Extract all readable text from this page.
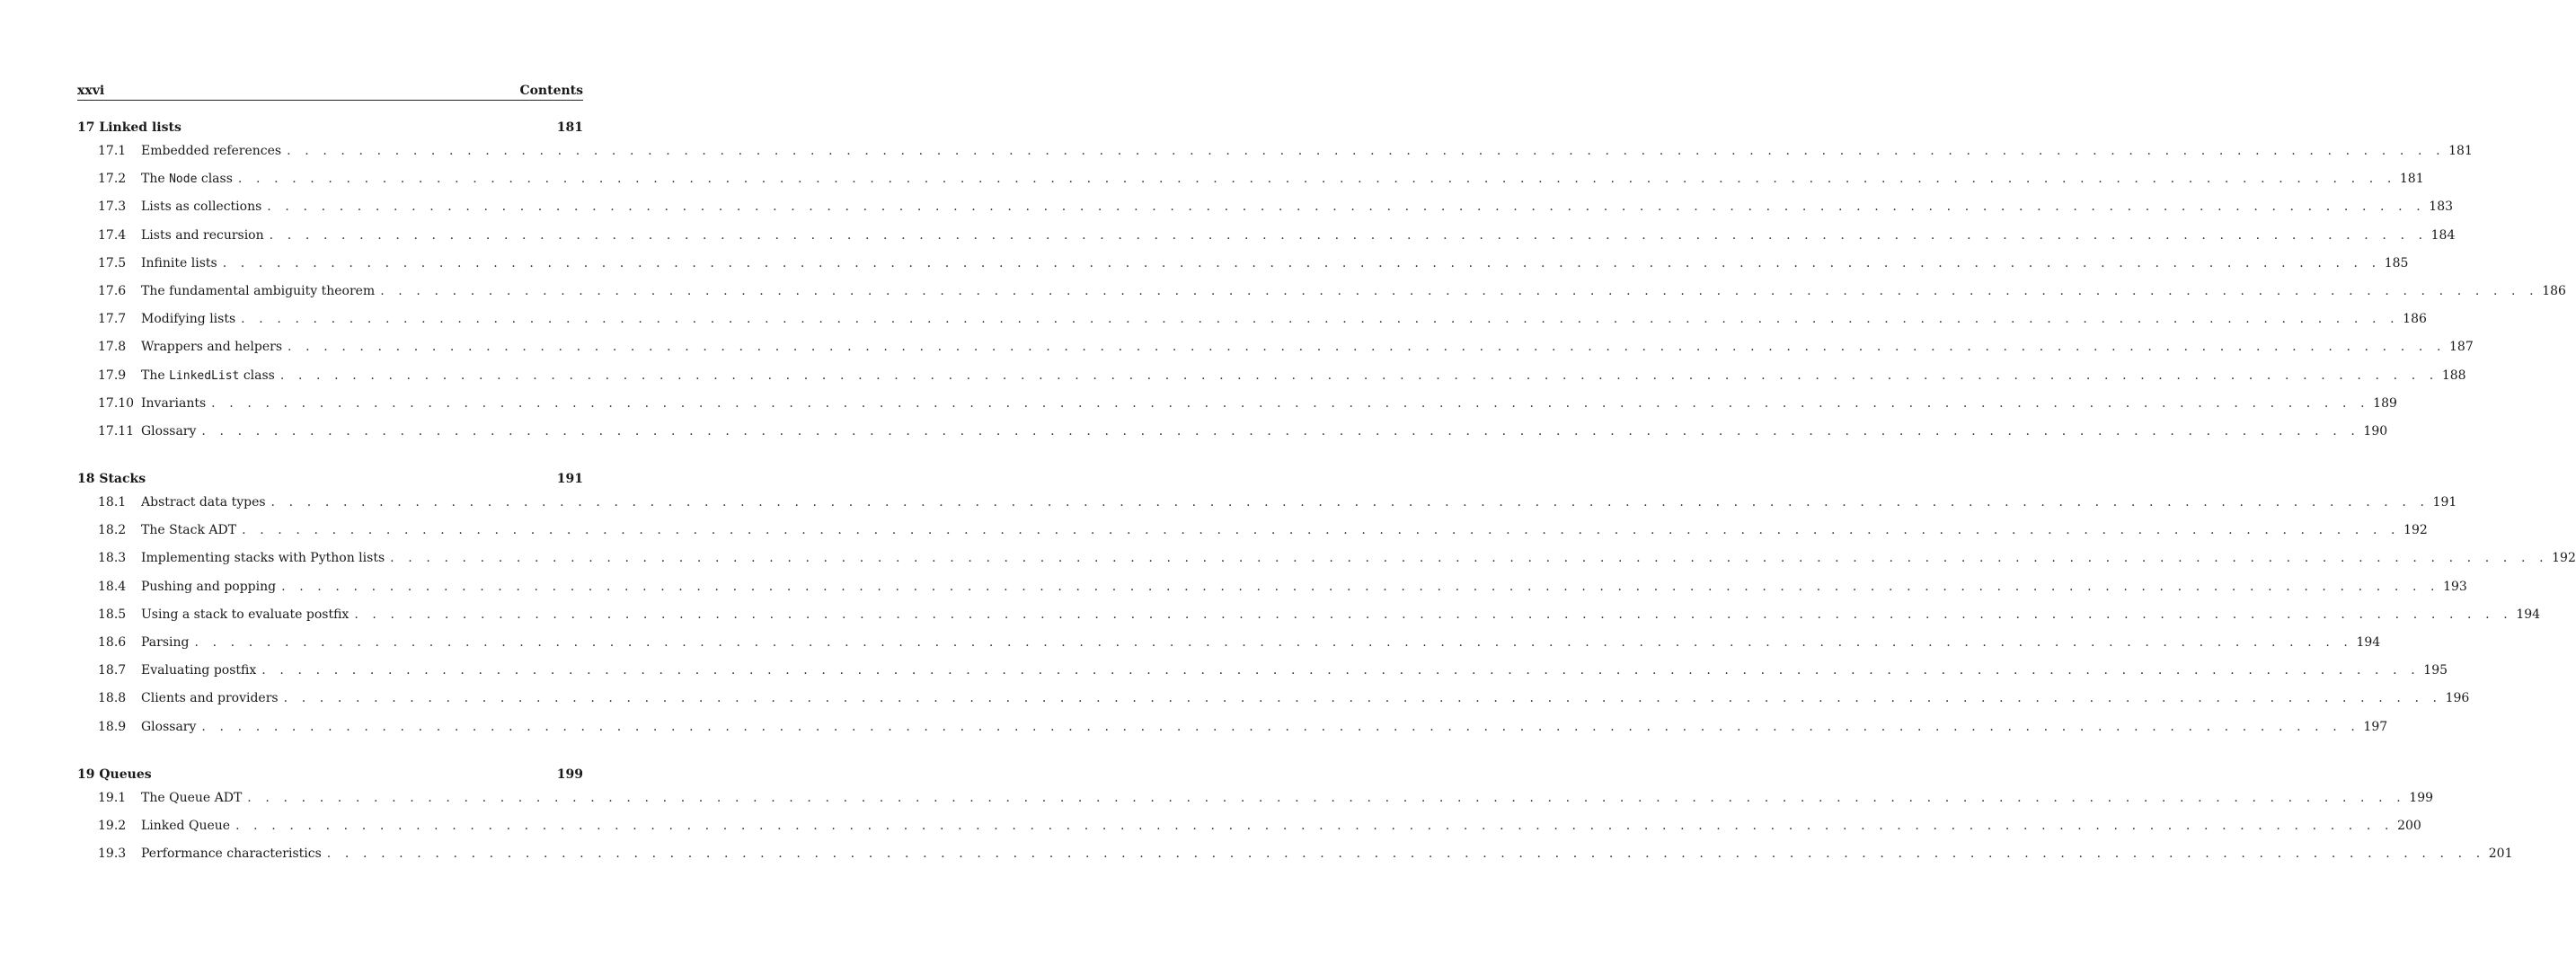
xxvi	Contents
17 Linked lists	181
17.1	Embedded references . . . . . . . . . . . . . . . . . . . . . . . . . . . . . . . . . . . . . . . . . . . . . . . . . . . . . . . . . . . . . . . . . . . . . . . . . . . . . . . . . . . . . . . . . . . . . . . . . . . . . . . . . . . . . . . . . . . . . . . . 181
17.2	The Node class . . . . . . . . . . . . . . . . . . . . . . . . . . . . . . . . . . . . . . . . . . . . . . . . . . . . . . . . . . . . . . . . . . . . . . . . . . . . . . . . . . . . . . . . . . . . . . . . . . . . . . . . . . . . . . . . . . . . . . . . 181
17.3	Lists as collections . . . . . . . . . . . . . . . . . . . . . . . . . . . . . . . . . . . . . . . . . . . . . . . . . . . . . . . . . . . . . . . . . . . . . . . . . . . . . . . . . . . . . . . . . . . . . . . . . . . . . . . . . . . . . . . . . . . . . . . . 183
17.4	Lists and recursion . . . . . . . . . . . . . . . . . . . . . . . . . . . . . . . . . . . . . . . . . . . . . . . . . . . . . . . . . . . . . . . . . . . . . . . . . . . . . . . . . . . . . . . . . . . . . . . . . . . . . . . . . . . . . . . . . . . . . . . . 184
17.5	Infinite lists . . . . . . . . . . . . . . . . . . . . . . . . . . . . . . . . . . . . . . . . . . . . . . . . . . . . . . . . . . . . . . . . . . . . . . . . . . . . . . . . . . . . . . . . . . . . . . . . . . . . . . . . . . . . . . . . . . . . . . . . 185
17.6	The fundamental ambiguity theorem . . . . . . . . . . . . . . . . . . . . . . . . . . . . . . . . . . . . . . . . . . . . . . . . . . . . . . . . . . . . . . . . . . . . . . . . . . . . . . . . . . . . . . . . . . . . . . . . . . . . . . . . . . . . . . . . . . . . . . . . 186
17.7	Modifying lists . . . . . . . . . . . . . . . . . . . . . . . . . . . . . . . . . . . . . . . . . . . . . . . . . . . . . . . . . . . . . . . . . . . . . . . . . . . . . . . . . . . . . . . . . . . . . . . . . . . . . . . . . . . . . . . . . . . . . . . . 186
17.8	Wrappers and helpers . . . . . . . . . . . . . . . . . . . . . . . . . . . . . . . . . . . . . . . . . . . . . . . . . . . . . . . . . . . . . . . . . . . . . . . . . . . . . . . . . . . . . . . . . . . . . . . . . . . . . . . . . . . . . . . . . . . . . . . . 187
17.9	The LinkedList class . . . . . . . . . . . . . . . . . . . . . . . . . . . . . . . . . . . . . . . . . . . . . . . . . . . . . . . . . . . . . . . . . . . . . . . . . . . . . . . . . . . . . . . . . . . . . . . . . . . . . . . . . . . . . . . . . . . . . . . . 188
17.10 Invariants . . . . . . . . . . . . . . . . . . . . . . . . . . . . . . . . . . . . . . . . . . . . . . . . . . . . . . . . . . . . . . . . . . . . . . . . . . . . . . . . . . . . . . . . . . . . . . . . . . . . . . . . . . . . . . . . . . . . . . . . 189
17.11 Glossary . . . . . . . . . . . . . . . . . . . . . . . . . . . . . . . . . . . . . . . . . . . . . . . . . . . . . . . . . . . . . . . . . . . . . . . . . . . . . . . . . . . . . . . . . . . . . . . . . . . . . . . . . . . . . . . . . . . . . . . . 190
18 Stacks	191
18.1	Abstract data types . . . . . . . . . . . . . . . . . . . . . . . . . . . . . . . . . . . . . . . . . . . . . . . . . . . . . . . . . . . . . . . . . . . . . . . . . . . . . . . . . . . . . . . . . . . . . . . . . . . . . . . . . . . . . . . . . . . . . . . . 191
18.2	The Stack ADT . . . . . . . . . . . . . . . . . . . . . . . . . . . . . . . . . . . . . . . . . . . . . . . . . . . . . . . . . . . . . . . . . . . . . . . . . . . . . . . . . . . . . . . . . . . . . . . . . . . . . . . . . . . . . . . . . . . . . . . . 192
18.3	Implementing stacks with Python lists . . . . . . . . . . . . . . . . . . . . . . . . . . . . . . . . . . . . . . . . . . . . . . . . . . . . . . . . . . . . . . . . . . . . . . . . . . . . . . . . . . . . . . . . . . . . . . . . . . . . . . . . . . . . . . . . . . . . . . . . 192
18.4	Pushing and popping . . . . . . . . . . . . . . . . . . . . . . . . . . . . . . . . . . . . . . . . . . . . . . . . . . . . . . . . . . . . . . . . . . . . . . . . . . . . . . . . . . . . . . . . . . . . . . . . . . . . . . . . . . . . . . . . . . . . . . . . 193
18.5	Using a stack to evaluate postfix . . . . . . . . . . . . . . . . . . . . . . . . . . . . . . . . . . . . . . . . . . . . . . . . . . . . . . . . . . . . . . . . . . . . . . . . . . . . . . . . . . . . . . . . . . . . . . . . . . . . . . . . . . . . . . . . . . . . . . . . 194
18.6	Parsing . . . . . . . . . . . . . . . . . . . . . . . . . . . . . . . . . . . . . . . . . . . . . . . . . . . . . . . . . . . . . . . . . . . . . . . . . . . . . . . . . . . . . . . . . . . . . . . . . . . . . . . . . . . . . . . . . . . . . . . . 194
18.7	Evaluating postfix . . . . . . . . . . . . . . . . . . . . . . . . . . . . . . . . . . . . . . . . . . . . . . . . . . . . . . . . . . . . . . . . . . . . . . . . . . . . . . . . . . . . . . . . . . . . . . . . . . . . . . . . . . . . . . . . . . . . . . . . 195
18.8	Clients and providers . . . . . . . . . . . . . . . . . . . . . . . . . . . . . . . . . . . . . . . . . . . . . . . . . . . . . . . . . . . . . . . . . . . . . . . . . . . . . . . . . . . . . . . . . . . . . . . . . . . . . . . . . . . . . . . . . . . . . . . . 196
18.9	Glossary . . . . . . . . . . . . . . . . . . . . . . . . . . . . . . . . . . . . . . . . . . . . . . . . . . . . . . . . . . . . . . . . . . . . . . . . . . . . . . . . . . . . . . . . . . . . . . . . . . . . . . . . . . . . . . . . . . . . . . . . 197
19 Queues	199
19.1	The Queue ADT . . . . . . . . . . . . . . . . . . . . . . . . . . . . . . . . . . . . . . . . . . . . . . . . . . . . . . . . . . . . . . . . . . . . . . . . . . . . . . . . . . . . . . . . . . . . . . . . . . . . . . . . . . . . . . . . . . . . . . . . 199
19.2	Linked Queue . . . . . . . . . . . . . . . . . . . . . . . . . . . . . . . . . . . . . . . . . . . . . . . . . . . . . . . . . . . . . . . . . . . . . . . . . . . . . . . . . . . . . . . . . . . . . . . . . . . . . . . . . . . . . . . . . . . . . . . . 200
19.3	Performance characteristics . . . . . . . . . . . . . . . . . . . . . . . . . . . . . . . . . . . . . . . . . . . . . . . . . . . . . . . . . . . . . . . . . . . . . . . . . . . . . . . . . . . . . . . . . . . . . . . . . . . . . . . . . . . . . . . . . . . . . . . . 201
